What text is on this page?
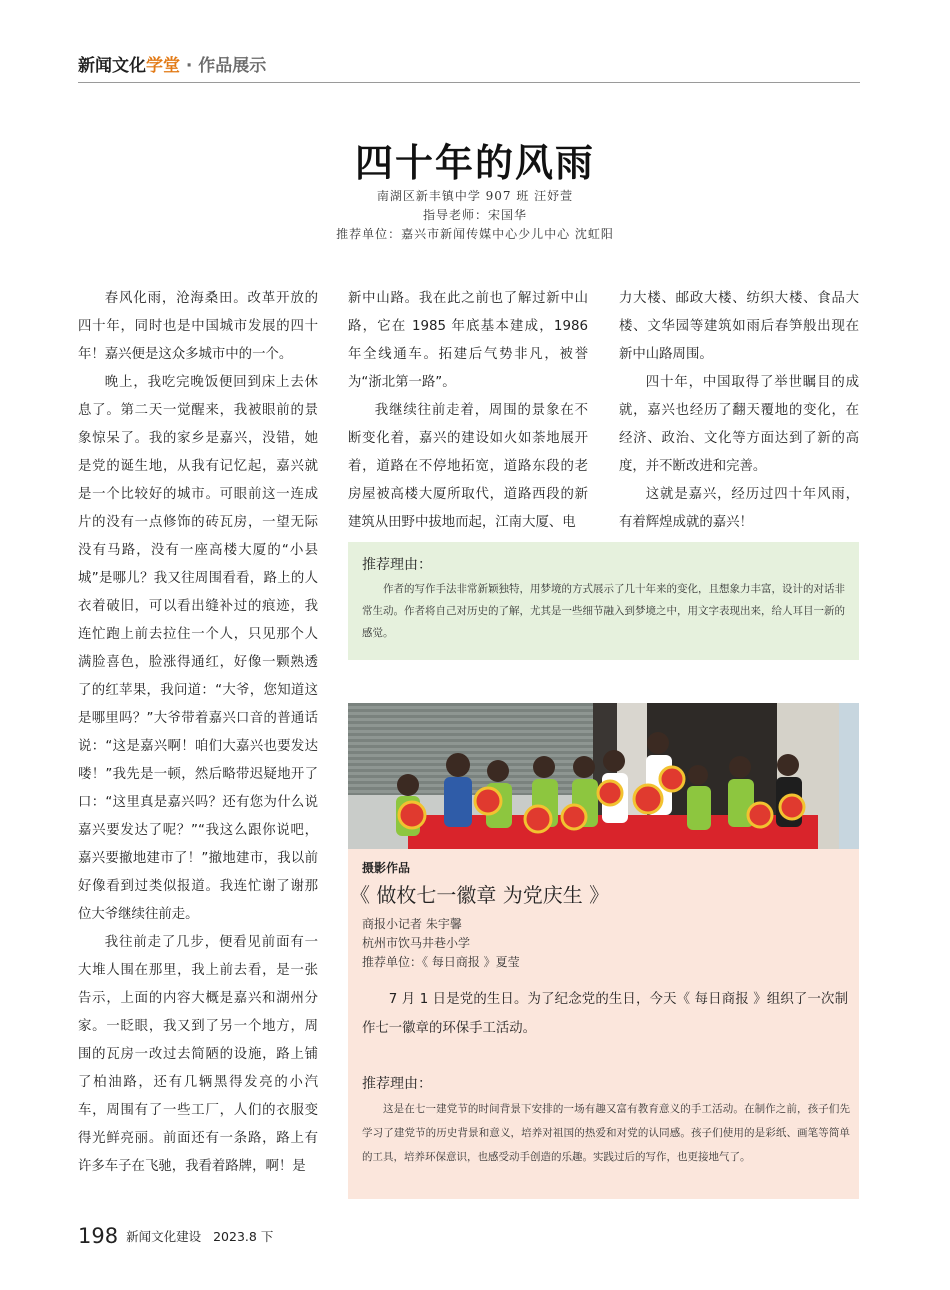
新闻文化学堂 · 作品展示
四十年的风雨
南湖区新丰镇中学 907 班 汪妤萱
指导老师：宋国华
推荐单位：嘉兴市新闻传媒中心少儿中心 沈虹阳

春风化雨，沧海桑田。改革开放的四十年，同时也是中国城市发展的四十年！嘉兴便是这众多城市中的一个。

晚上，我吃完晚饭便回到床上去休息了。第二天一觉醒来，我被眼前的景象惊呆了。我的家乡是嘉兴，没错，她是党的诞生地，从我有记忆起，嘉兴就是一个比较好的城市。可眼前这一连成片的没有一点修饰的砖瓦房，一望无际没有马路，没有一座高楼大厦的“小县城”是哪儿？我又往周围看看，路上的人衣着破旧，可以看出缝补过的痕迹，我连忙跑上前去拉住一个人，只见那个人满脸喜色，脸涨得通红，好像一颗熟透了的红苹果，我问道：“大爷，您知道这是哪里吗？”大爷带着嘉兴口音的普通话说：“这是嘉兴啊！咱们大嘉兴也要发达喽！”我先是一顿，然后略带迟疑地开了口：“这里真是嘉兴吗？还有您为什么说嘉兴要发达了呢？”“我这么跟你说吧，嘉兴要撤地建市了！”撤地建市，我以前好像看到过类似报道。我连忙谢了谢那位大爷继续往前走。

我往前走了几步，便看见前面有一大堆人围在那里，我上前去看，是一张告示，上面的内容大概是嘉兴和湖州分家。一眨眼，我又到了另一个地方，周围的瓦房一改过去简陋的设施，路上铺了柏油路，还有几辆黑得发亮的小汽车，周围有了一些工厂，人们的衣服变得光鲜亮丽。前面还有一条路，路上有许多车子在飞驰，我看着路牌，啊！是

新中山路。我在此之前也了解过新中山路，它在 1985 年底基本建成，1986 年全线通车。拓建后气势非凡，被誉为“浙北第一路”。

我继续往前走着，周围的景象在不断变化着，嘉兴的建设如火如荼地展开着，道路在不停地拓宽，道路东段的老房屋被高楼大厦所取代，道路西段的新建筑从田野中拔地而起，江南大厦、电

力大楼、邮政大楼、纺织大楼、食品大楼、文华园等建筑如雨后春笋般出现在新中山路周围。

四十年，中国取得了举世瞩目的成就，嘉兴也经历了翻天覆地的变化，在经济、政治、文化等方面达到了新的高度，并不断改进和完善。

这就是嘉兴，经历过四十年风雨，有着辉煌成就的嘉兴！

推荐理由：
作者的写作手法非常新颖独特，用梦境的方式展示了几十年来的变化，且想象力丰富，设计的对话非常生动。作者将自己对历史的了解，尤其是一些细节融入到梦境之中，用文字表现出来，给人耳目一新的感觉。
摄影作品
《 做枚七一徽章 为党庆生 》
商报小记者 朱宇馨
杭州市饮马井巷小学
推荐单位：《 每日商报 》夏莹
7 月 1 日是党的生日。为了纪念党的生日，今天《 每日商报 》组织了一次制作七一徽章的环保手工活动。
推荐理由：
这是在七一建党节的时间背景下安排的一场有趣又富有教育意义的手工活动。在制作之前，孩子们先学习了建党节的历史背景和意义，培养对祖国的热爱和对党的认同感。孩子们使用的是彩纸、画笔等简单的工具，培养环保意识，也感受动手创造的乐趣。实践过后的写作，也更接地气了。
198 新闻文化建设 2023.8 下
